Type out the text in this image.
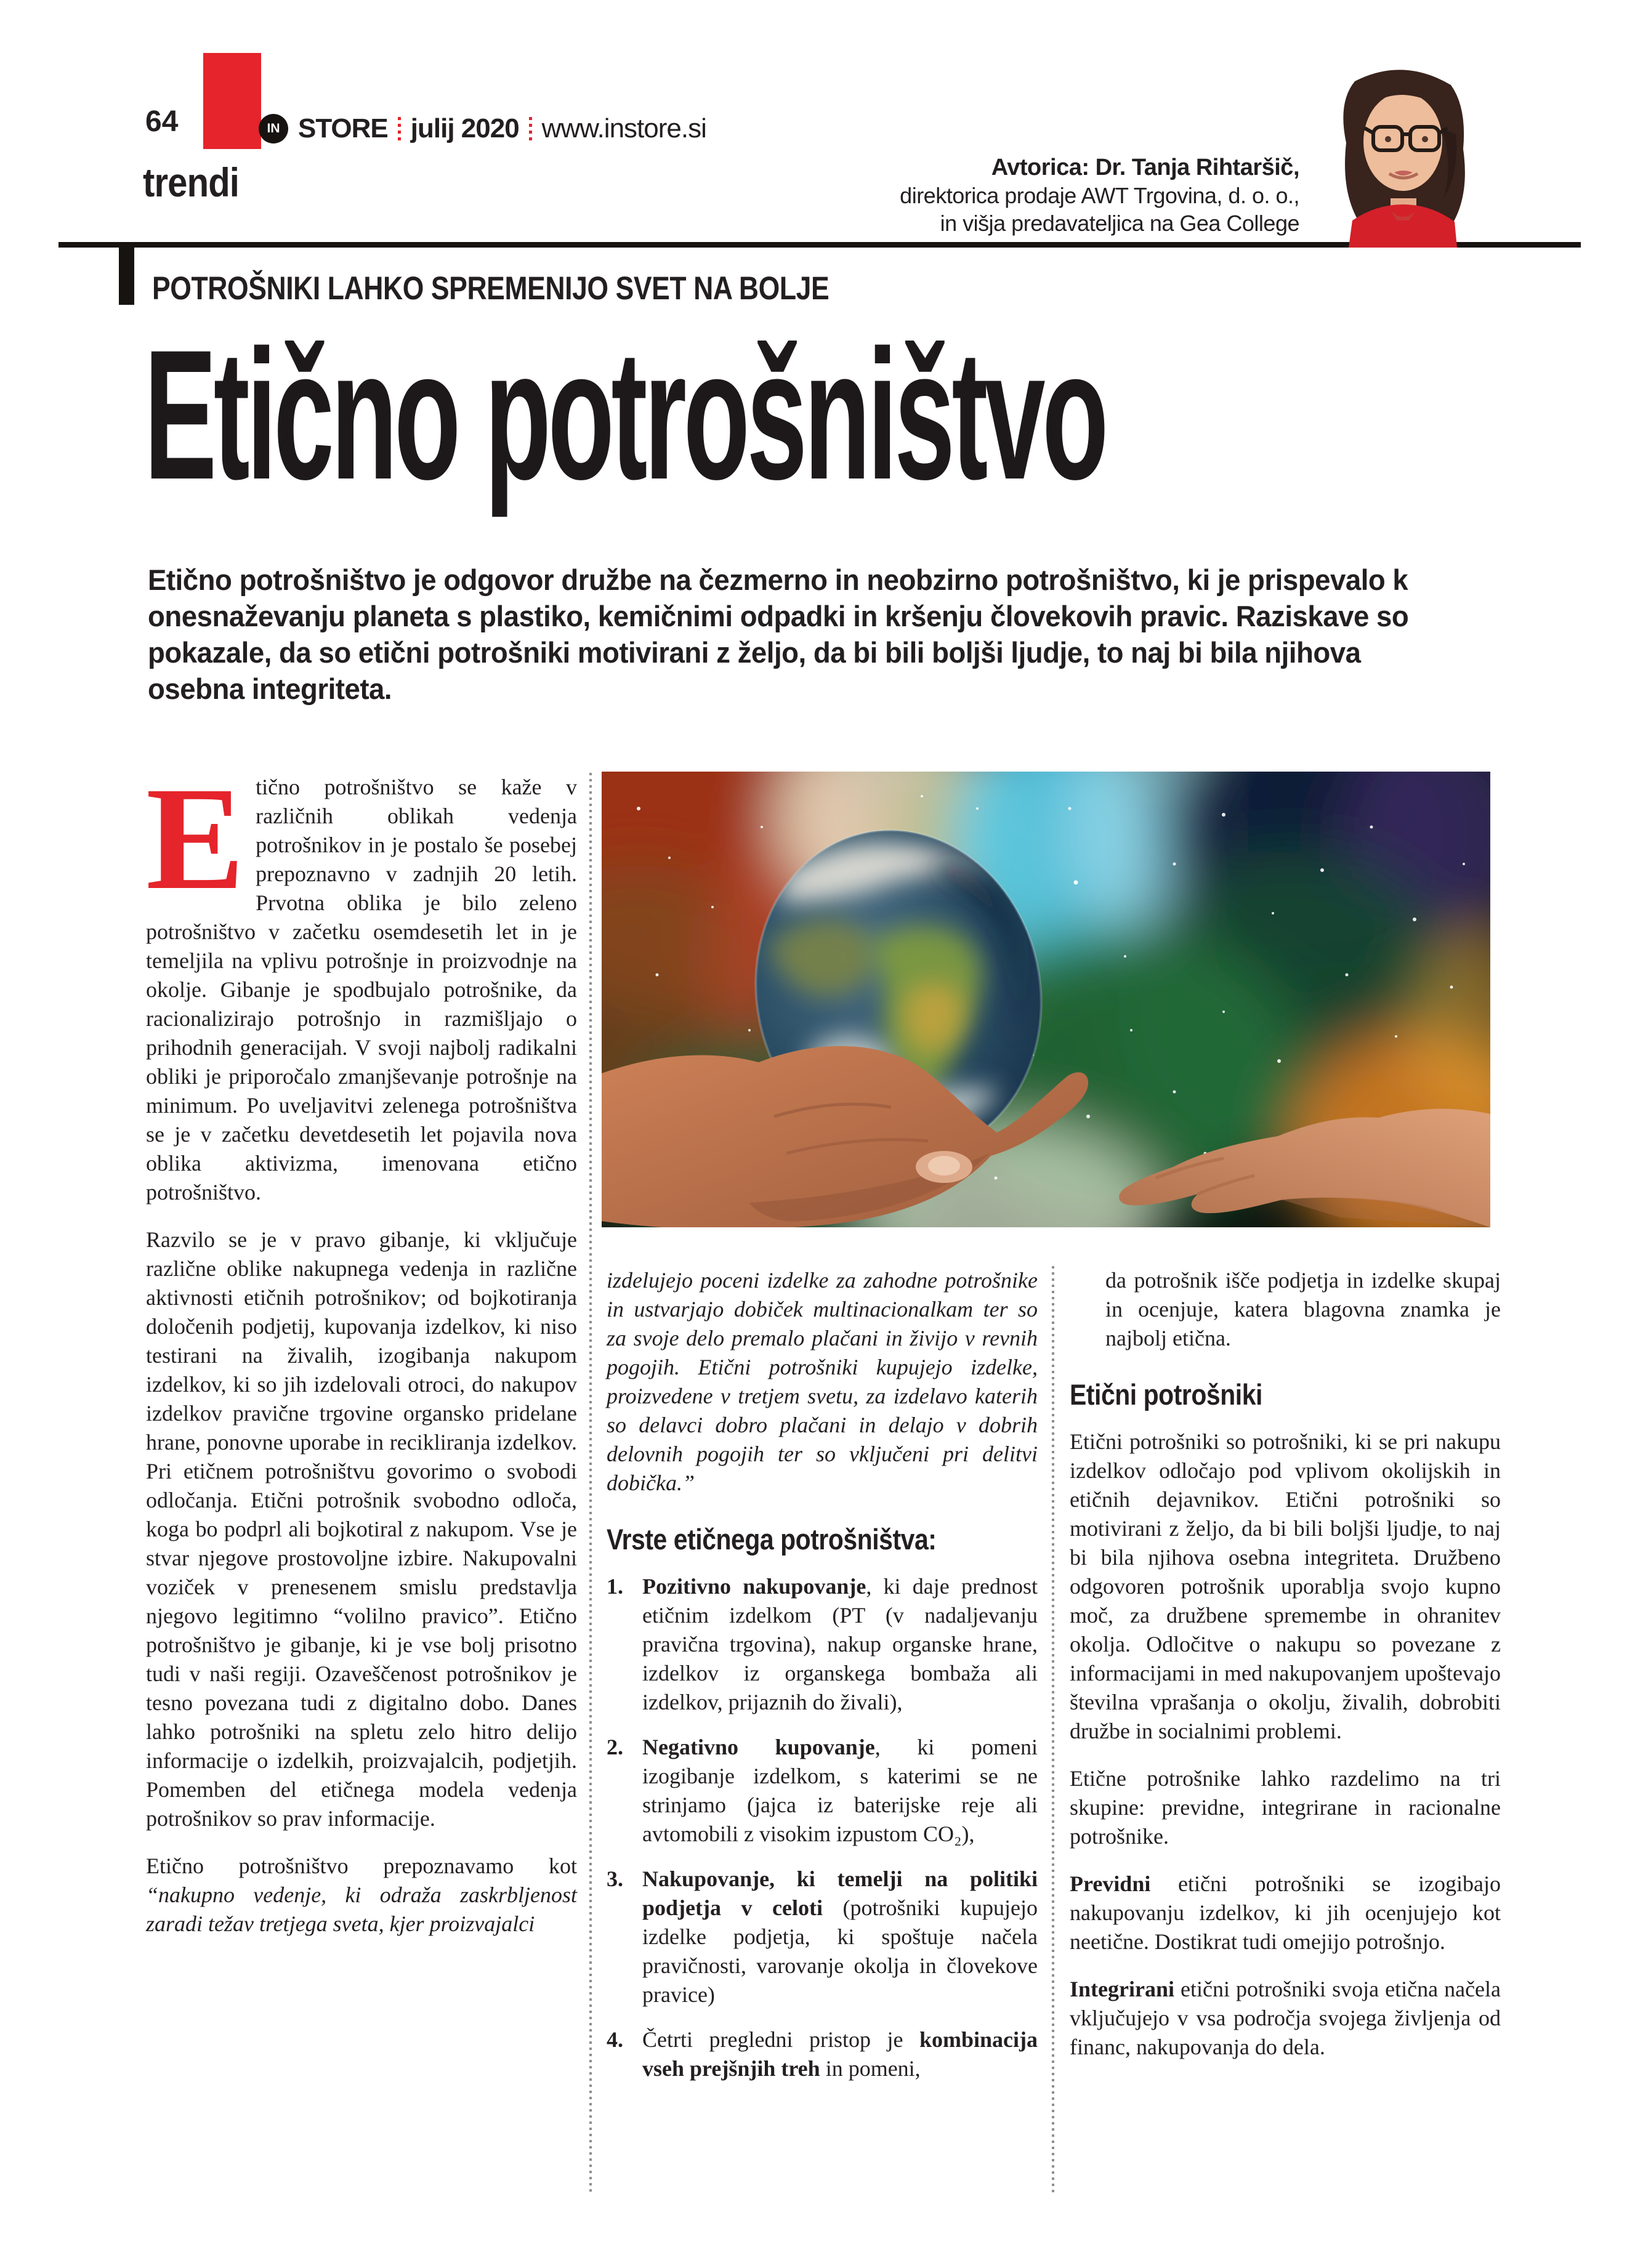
64	IN STORE julij 2020 www.instore.si
trendi	Avtorica: Dr. Tanja Rihtaršič,
direktorica prodaje AWT Trgovina, d. o. o.,
in višja predavateljica na Gea College
POTROŠNIKI LAHKO SPREMENIJO SVET NA BOLJE
Etično potrošništvo
Etično potrošništvo je odgovor družbe na čezmerno in neobzirno potrošništvo, ki je prispevalo k onesnaževanju planeta s plastiko, kemičnimi odpadki in kršenju človekovih pravic. Raziskave so pokazale, da so etični potrošniki motivirani z željo, da bi bili boljši ljudje, to naj bi bila njihova osebna integriteta.

Etično potrošništvo se kaže v različnih oblikah vedenja potrošnikov in je postalo še posebej prepoznavno v zadnjih 20 letih. Prvotna oblika je bilo zeleno potrošništvo v začetku osemdesetih let in je temeljila na vplivu potrošnje in proizvodnje na okolje. Gibanje je spodbujalo potrošnike, da racionalizirajo potrošnjo in razmišljajo o prihodnih generacijah. V svoji najbolj radikalni obliki je priporočalo zmanjševanje potrošnje na minimum. Po uveljavitvi zelenega potrošništva se je v začetku devetdesetih let pojavila nova oblika aktivizma, imenovana etično potrošništvo.

Razvilo se je v pravo gibanje, ki vključuje različne oblike nakupnega vedenja in različne aktivnosti etičnih potrošnikov; od bojkotiranja določenih podjetij, kupovanja izdelkov, ki niso testirani na živalih, izogibanja nakupom izdelkov, ki so jih izdelovali otroci, do nakupov izdelkov pravične trgovine organsko pridelane hrane, ponovne uporabe in recikliranja izdelkov. Pri etičnem potrošništvu govorimo o svobodi odločanja. Etični potrošnik svobodno odloča, koga bo podprl ali bojkotiral z nakupom. Vse je stvar njegove prostovoljne izbire. Nakupovalni voziček v prenesenem smislu predstavlja njegovo legitimno “volilno pravico”. Etično potrošništvo je gibanje, ki je vse bolj prisotno tudi v naši regiji. Ozaveščenost potrošnikov je tesno povezana tudi z digitalno dobo. Danes lahko potrošniki na spletu zelo hitro delijo informacije o izdelkih, proizvajalcih, podjetjih. Pomemben del etičnega modela vedenja potrošnikov so prav informacije.

Etično potrošništvo prepoznavamo kot “nakupno vedenje, ki odraža zaskrbljenost zaradi težav tretjega sveta, kjer proizvajalci

izdelujejo poceni izdelke za zahodne potrošnike in ustvarjajo dobiček multinacionalkam ter so za svoje delo premalo plačani in živijo v revnih pogojih. Etični potrošniki kupujejo izdelke, proizvedene v tretjem svetu, za izdelavo katerih so delavci dobro plačani in delajo v dobrih delovnih pogojih ter so vključeni pri delitvi dobička.”

Vrste etičnega potrošništva:
1. Pozitivno nakupovanje, ki daje prednost etičnim izdelkom (PT (v nadaljevanju pravična trgovina), nakup organske hrane, izdelkov iz organskega bombaža ali izdelkov, prijaznih do živali),
2. Negativno kupovanje, ki pomeni izogibanje izdelkom, s katerimi se ne strinjamo (jajca iz baterijske reje ali avtomobili z visokim izpustom CO₂),
3. Nakupovanje, ki temelji na politiki podjetja v celoti (potrošniki kupujejo izdelke podjetja, ki spoštuje načela pravičnosti, varovanje okolja in človekove pravice)
4. Četrti pregledni pristop je kombinacija vseh prejšnjih treh in pomeni,

da potrošnik išče podjetja in izdelke skupaj in ocenjuje, katera blagovna znamka je najbolj etična.

Etični potrošniki

Etični potrošniki so potrošniki, ki se pri nakupu izdelkov odločajo pod vplivom okolijskih in etičnih dejavnikov. Etični potrošniki so motivirani z željo, da bi bili boljši ljudje, to naj bi bila njihova osebna integriteta. Družbeno odgovoren potrošnik uporablja svojo kupno moč, za družbene spremembe in ohranitev okolja. Odločitve o nakupu so povezane z informacijami in med nakupovanjem upoštevajo številna vprašanja o okolju, živalih, dobrobiti družbe in socialnimi problemi.

Etične potrošnike lahko razdelimo na tri skupine: previdne, integrirane in racionalne potrošnike.

Previdni etični potrošniki se izogibajo nakupovanju izdelkov, ki jih ocenjujejo kot neetične. Dostikrat tudi omejijo potrošnjo.

Integrirani etični potrošniki svoja etična načela vključujejo v vsa področja svojega življenja od financ, nakupovanja do dela.
